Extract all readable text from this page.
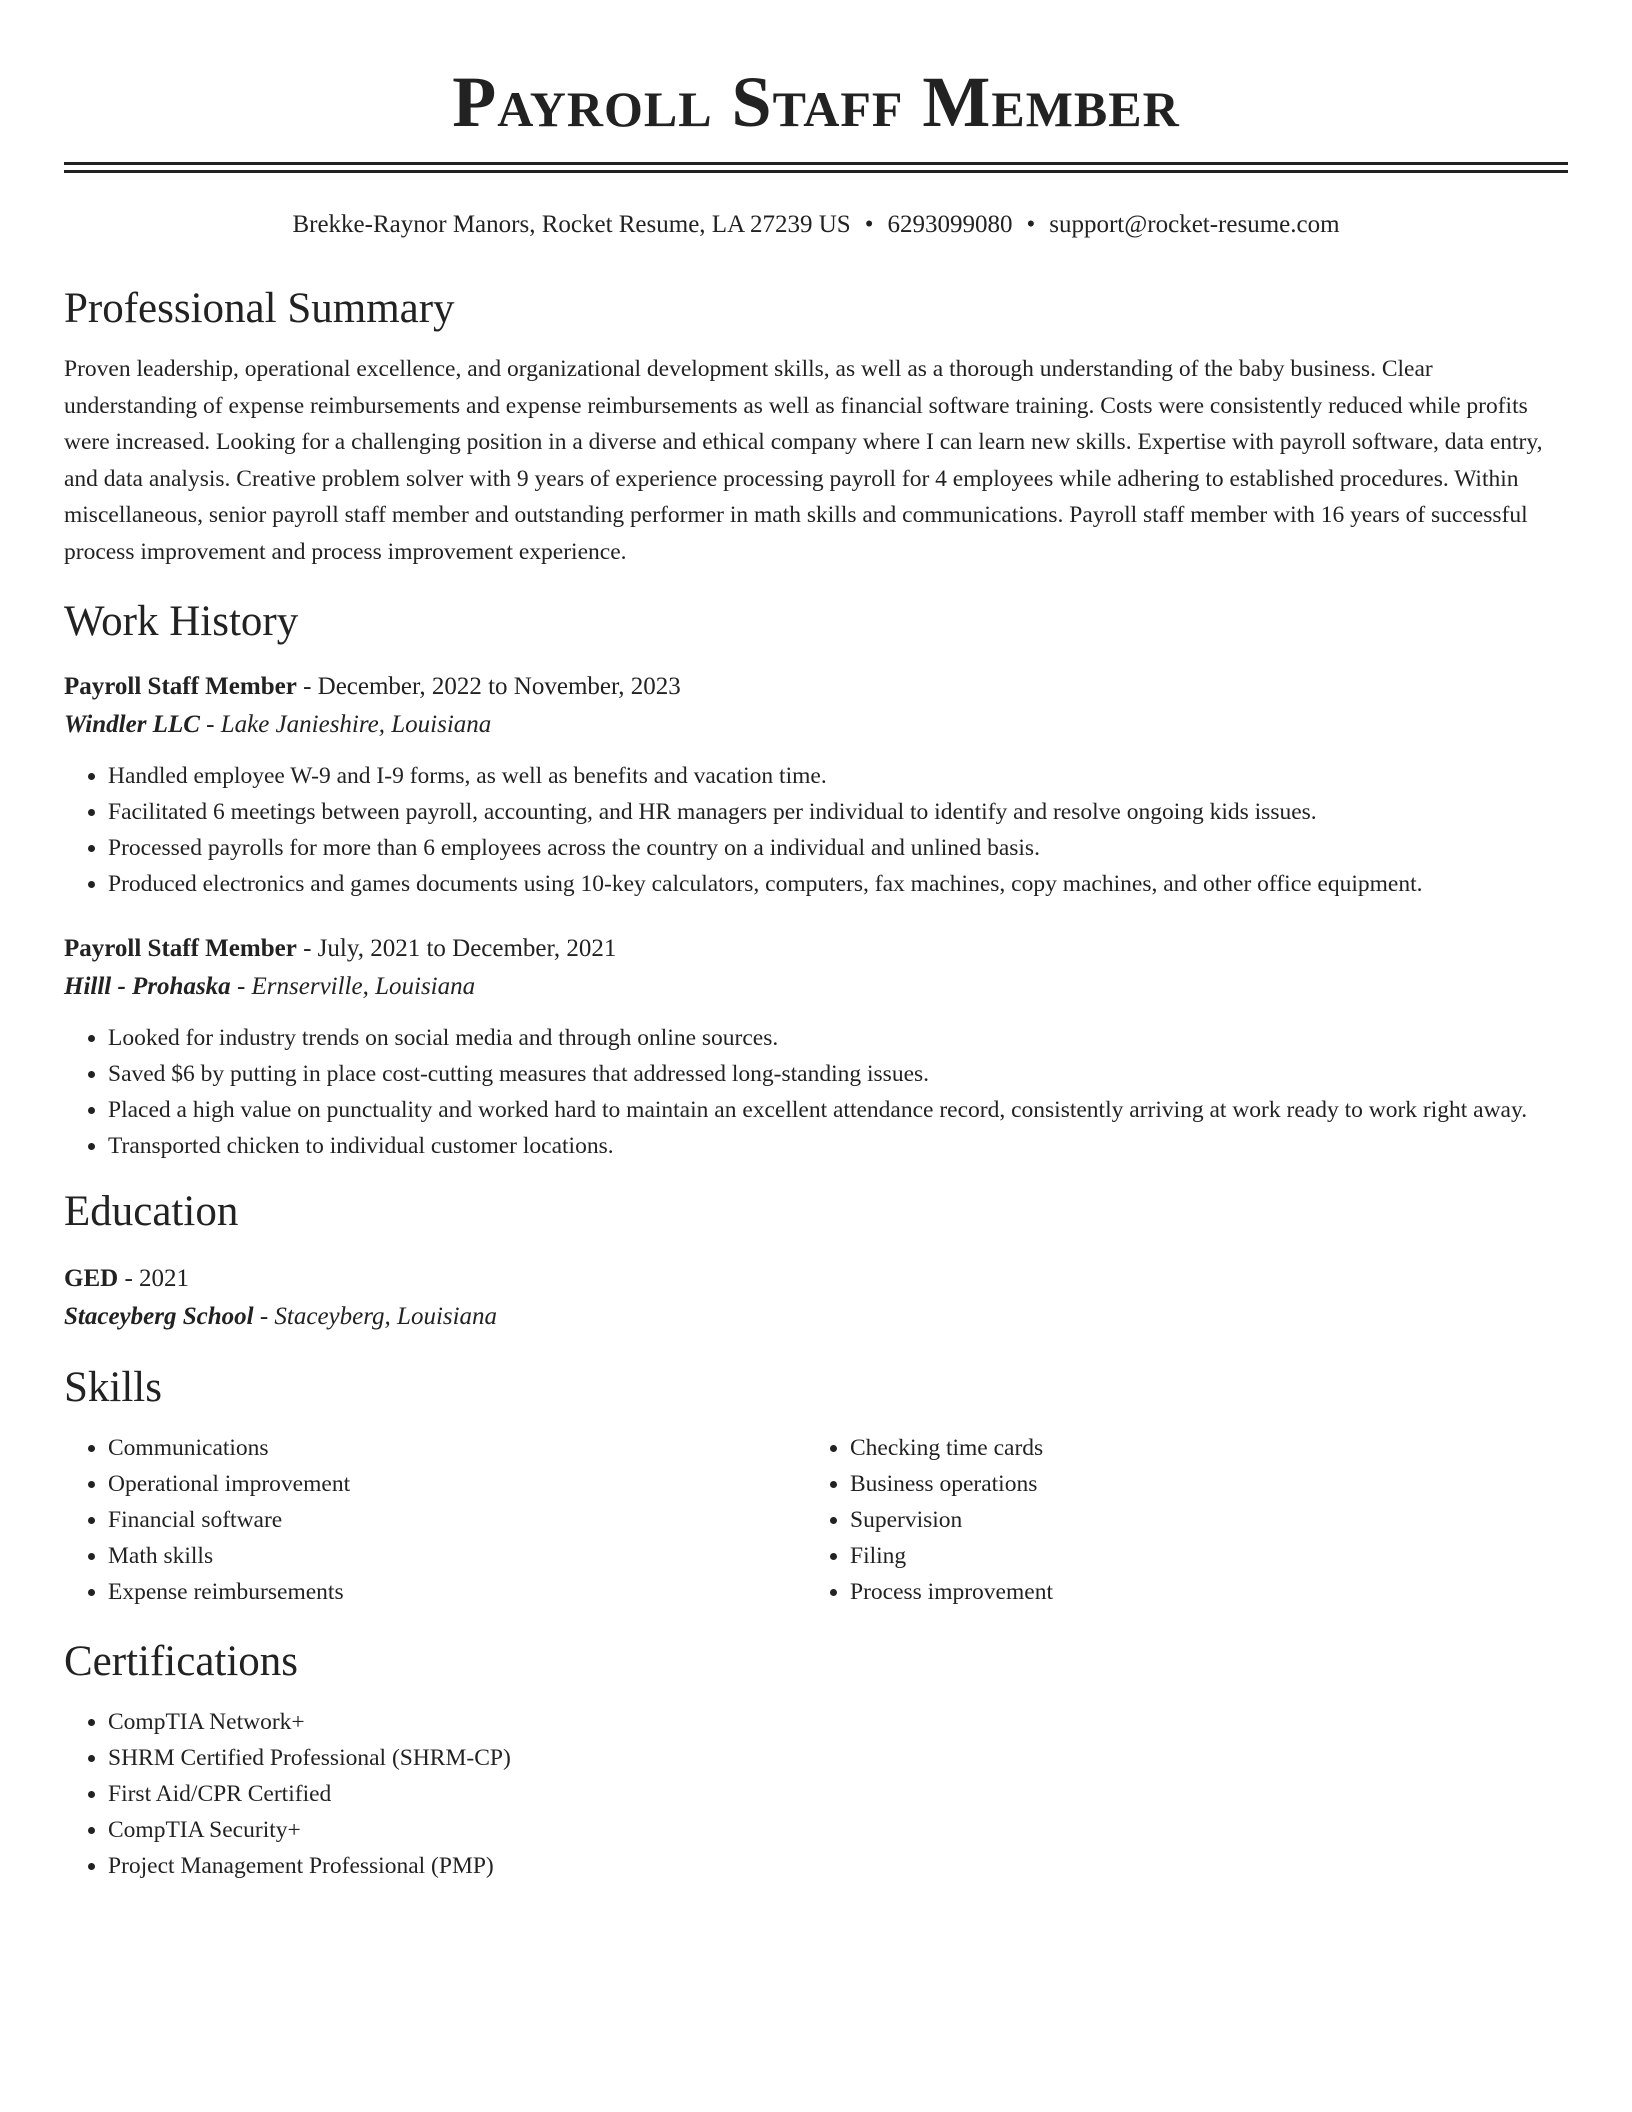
Payroll Staff Member
Brekke-Raynor Manors, Rocket Resume, LA 27239 US • 6293099080 • support@rocket-resume.com
Professional Summary
Proven leadership, operational excellence, and organizational development skills, as well as a thorough understanding of the baby business. Clear understanding of expense reimbursements and expense reimbursements as well as financial software training. Costs were consistently reduced while profits were increased. Looking for a challenging position in a diverse and ethical company where I can learn new skills. Expertise with payroll software, data entry, and data analysis. Creative problem solver with 9 years of experience processing payroll for 4 employees while adhering to established procedures. Within miscellaneous, senior payroll staff member and outstanding performer in math skills and communications. Payroll staff member with 16 years of successful process improvement and process improvement experience.
Work History
Payroll Staff Member - December, 2022 to November, 2023
Windler LLC - Lake Janieshire, Louisiana
• Handled employee W-9 and I-9 forms, as well as benefits and vacation time.
• Facilitated 6 meetings between payroll, accounting, and HR managers per individual to identify and resolve ongoing kids issues.
• Processed payrolls for more than 6 employees across the country on a individual and unlined basis.
• Produced electronics and games documents using 10-key calculators, computers, fax machines, copy machines, and other office equipment.
Payroll Staff Member - July, 2021 to December, 2021
Hilll - Prohaska - Ernserville, Louisiana
• Looked for industry trends on social media and through online sources.
• Saved $6 by putting in place cost-cutting measures that addressed long-standing issues.
• Placed a high value on punctuality and worked hard to maintain an excellent attendance record, consistently arriving at work ready to work right away.
• Transported chicken to individual customer locations.
Education
GED - 2021
Staceyberg School - Staceyberg, Louisiana
Skills
• Communications
• Operational improvement
• Financial software
• Math skills
• Expense reimbursements
• Checking time cards
• Business operations
• Supervision
• Filing
• Process improvement
Certifications
• CompTIA Network+
• SHRM Certified Professional (SHRM-CP)
• First Aid/CPR Certified
• CompTIA Security+
• Project Management Professional (PMP)
